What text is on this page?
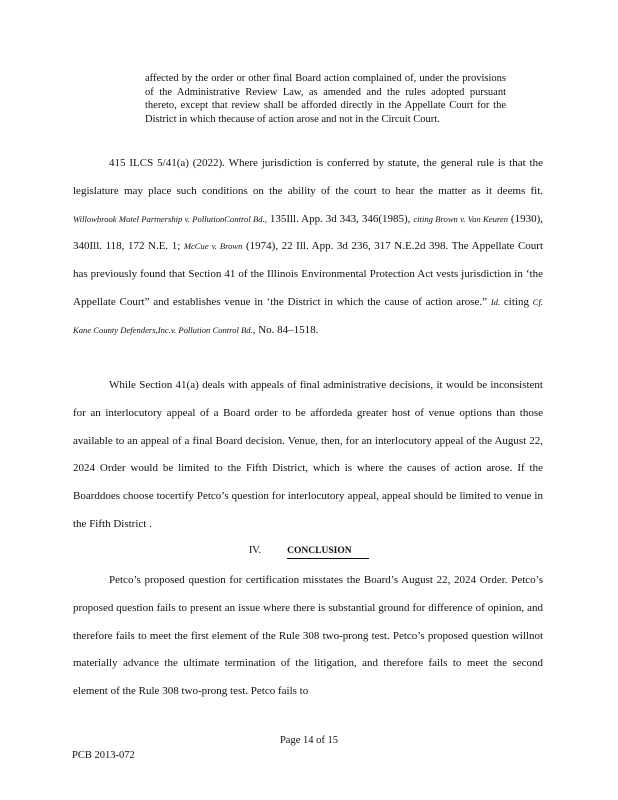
affected by the order or other final Board action complained of, under the provisions of the Administrative Review Law, as amended and the rules adopted pursuant thereto, except that review shall be afforded directly in the Appellate Court for the District in which thecause of action arose and not in the Circuit Court.

415 ILCS 5/41(a) (2022). Where jurisdiction is conferred by statute, the general rule is that the legislature may place such conditions on the ability of the court to hear the matter as it deems fit. Willowbrook Motel Partnership v. PollutionControl Bd., 135Ill. App. 3d 343, 346(1985), citing Brown v. Van Keuren (1930), 340Ill. 118, 172 N.E. 1; McCue v. Brown (1974), 22 Ill. App. 3d 236, 317 N.E.2d 398. The Appellate Court has previously found that Section 41 of the Illinois Environmental Protection Act vests jurisdiction in ‘the Appellate Court” and establishes venue in ‘the District in which the cause of action arose.” Id. citing Cf. Kane County Defenders,Inc.v. Pollution Control Bd., No. 84–1518.

While Section 41(a) deals with appeals of final administrative decisions, it would be inconsistent for an interlocutory appeal of a Board order to be affordeda greater host of venue options than those available to an appeal of a final Board decision. Venue, then, for an interlocutory appeal of the August 22, 2024 Order would be limited to the Fifth District, which is where the causes of action arose. If the Boarddoes choose tocertify Petco’s question for interlocutory appeal, appeal should be limited to venue in the Fifth District .

IV.	CONCLUSION

Petco’s proposed question for certification misstates the Board’s August 22, 2024 Order. Petco’s proposed question fails to present an issue where there is substantial ground for difference of opinion, and therefore fails to meet the first element of the Rule 308 two-prong test. Petco’s proposed question willnot materially advance the ultimate termination of the litigation, and therefore fails to meet the second element of the Rule 308 two-prong test. Petco fails to

Page 14 of 15
PCB 2013-072
